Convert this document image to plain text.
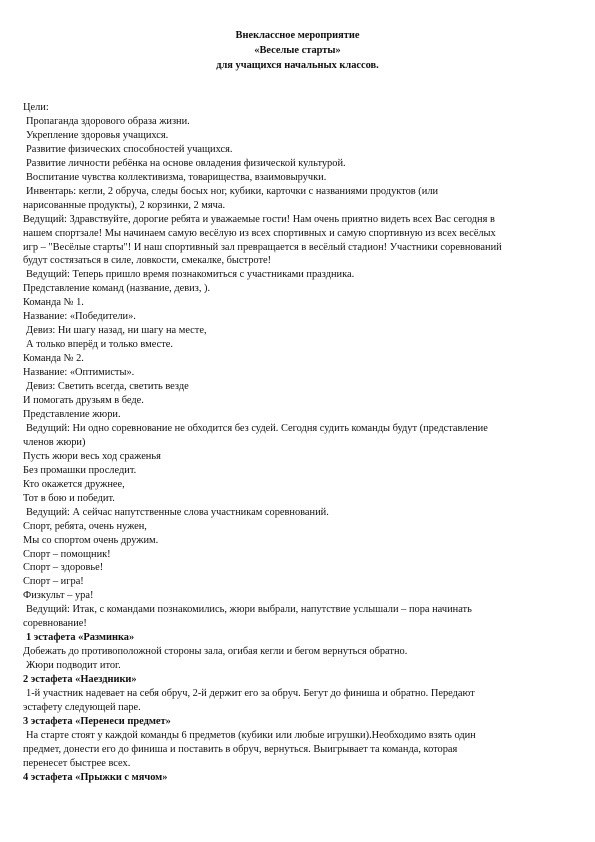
Внеклассное мероприятие
«Веселые старты»
для учащихся начальных классов.
Цели:
Пропаганда здорового образа жизни.
Укрепление здоровья учащихся.
Развитие физических способностей учащихся.
Развитие личности ребёнка на основе овладения физической культурой.
Воспитание чувства коллективизма, товарищества, взаимовыручки.
Инвентарь: кегли, 2 обруча, следы босых ног, кубики, карточки с названиями продуктов (или
нарисованные продукты), 2 корзинки, 2 мяча.
Ведущий: Здравствуйте, дорогие ребята и уважаемые гости! Нам очень приятно видеть всех Вас сегодня в
нашем спортзале! Мы начинаем самую весёлую из всех спортивных и самую спортивную из всех весёлых
игр – "Весёлые старты"! И наш спортивный зал превращается в весёлый стадион! Участники соревнований
будут состязаться в силе, ловкости, смекалке, быстроте!
Ведущий: Теперь пришло время познакомиться с участниками праздника.
Представление команд (название, девиз, ).
Команда № 1.
Название: «Победители».
Девиз: Ни шагу назад, ни шагу на месте,
А только вперёд и только вместе.
Команда № 2.
Название: «Оптимисты».
Девиз: Светить всегда, светить везде
И помогать друзьям в беде.
Представление жюри.
Ведущий: Ни одно соревнование не обходится без судей. Сегодня судить команды будут (представление
членов жюри)
Пусть жюри весь ход сраженья
Без промашки проследит.
Кто окажется дружнее,
Тот в бою и победит.
Ведущий: А сейчас напутственные слова участникам соревнований.
Спорт, ребята, очень нужен,
Мы со спортом очень дружим.
Спорт – помощник!
Спорт – здоровье!
Спорт – игра!
Физкульт – ура!
Ведущий: Итак, с командами познакомились, жюри выбрали, напутствие услышали – пора начинать
соревнование!
1 эстафета «Разминка»
Добежать до противоположной стороны зала, огибая кегли и бегом вернуться обратно.
Жюри подводит итог.
2 эстафета «Наездники»
1-й участник надевает на себя обруч, 2-й держит его за обруч. Бегут до финиша и обратно. Передают
эстафету следующей паре.
3 эстафета «Перенеси предмет»
На старте стоят у каждой команды 6 предметов (кубики или любые игрушки).Необходимо взять один
предмет, донести его до финиша и поставить в обруч, вернуться. Выигрывает та команда, которая
перенесет быстрее всех.
4 эстафета «Прыжки с мячом»
